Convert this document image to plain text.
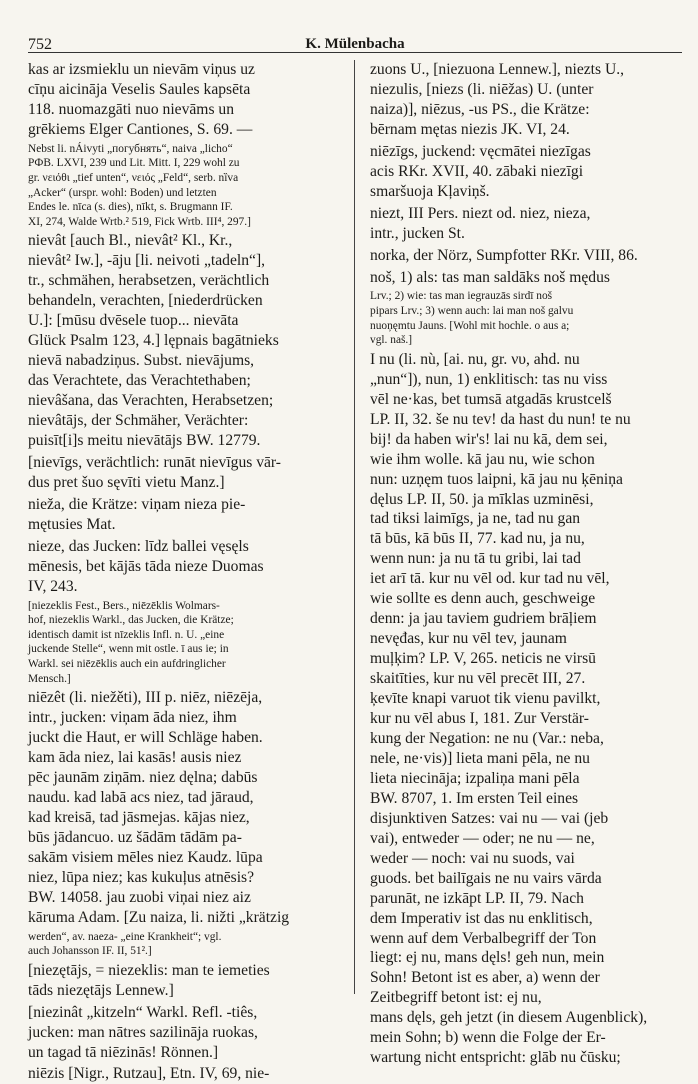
752	K. Mülenbacha

kas ar izsmieklu un nievām viņus uz
cīņu aicināja Veselis Saules kapsēta
118. nuomazgāti nuo nievāms un
grēkiems Elger Cantiones, S. 69. —

Nebst li. nÁivyti „погубнять“, naiva „licho“
PФВ. LXVI, 239 und Lit. Mitt. I, 229 wohl zu
gr. νειόθι „tief unten“, νειός „Feld“, serb. nȉva
„Acker“ (urspr. wohl: Boden) und letzten
Endes le. nīca (s. dies), nīkt, s. Brugmann IF.
XI, 274, Walde Wrtb.² 519, Fick Wrtb. III⁴, 297.]

nievât [auch Bl., nievât² Kl., Kr.,
nievât² Iw.], -āju [li. neivoti „tadeln“],
tr., schmähen, herabsetzen, verächtlich
behandeln, verachten, [niederdrücken
U.]: [mūsu dvēsele tuop... nievāta
Glück Psalm 123, 4.] lęрnais bagātnieks
nievā nabadziņus. Subst. nievājums,
das Verachtete, das Verachtethaben;
nievâšana, das Verachten, Herabsetzen;
nievâtājs, der Schmäher, Verächter:
puisīt[i]s meitu nievātājs BW. 12779.

[nievīgs, verächtlich: runāt nievīgus vār-
dus pret šuo sęvīti vietu Manz.]

nieža, die Krätze: viņam nieza pie-
mętusies Mat.

nieze, das Jucken: līdz ballei vęsęls
mēnesis, bet kājās tāda nieze Duomas
IV, 243.

[niezeklis Fest., Bers., niēzēklis Wolmars-
hof, niezeklis Warkl., das Jucken, die Krätze;
identisch damit ist nīzeklis Infl. n. U. „eine
juckende Stelle“, wenn mit ostle. ī aus ie; in
Warkl. sei niēzēklis auch ein aufdringlicher
Mensch.]

niēzêt (li. niežěti), III p. niēz, niēzēja,
intr., jucken: viņam āda niez, ihm
juckt die Haut, er will Schläge haben.
kam āda niez, lai kasās! ausis niez
pēc jaunām ziņām. niez dęlna; dabūs
naudu. kad labā acs niez, tad jāraud,
kad kreisā, tad jāsmejas. kājas niez,
būs jādancuo. uz šādām tādām pa-
sakām visiem mēles niez Kaudz. lūpa
niez, lūpa niez; kas kukuļus atnēsis?
BW. 14058. jau zuobi viņai niez aiz
kāruma Adam. [Zu naiza, li. nižti „krätzig

werden“, av. naeza- „eine Krankheit“; vgl.
auch Johansson IF. II, 51².]

[niezętājs, = niezeklis: man te iemeties
tāds niezętājs Lennew.]

[niezinât „kitzeln“ Warkl. Refl. -tiês,
jucken: man nātres sazilināja ruokas,
un tagad tā niēzinās! Rönnen.]

niēzis [Nigr., Rutzau], Etn. IV, 69, nie-

zuons U., [niezuona Lennew.], niezts U.,
niezulis, [niezs (li. niēžas) U. (unter
naiza)], niēzus, -us PS., die Krätze:
bērnam mętas niezis JK. VI, 24.

niēzīgs, juckend: vęcmātei niezīgas
acis RKr. XVII, 40. zābaki niezīgi
smaršuoja Kļaviņš.

niezt, III Pers. niezt od. niez, nieza,
intr., jucken St.

norka, der Nörz, Sumpfotter RKr. VIII, 86.

noš, 1) als: tas man saldāks noš mędus

Lrv.; 2) wie: tas man iegrauzās sirdī noš
pipars Lrv.; 3) wenn auch: lai man noš galvu
nuoņęmtu Jauns. [Wohl mit hochle. o aus a;
vgl. naš.]

I nu (li. nù, [ai. nu, gr. νυ, ahd. nu
„nun“]), nun, 1) enklitisch: tas nu viss
vēl ne·kas, bet tumsā atgadās krustcelš
LP. II, 32. še nu tev! da hast du nun! te nu
bij! da haben wir's! lai nu kā, dem sei,
wie ihm wolle. kā jau nu, wie schon
nun: uzņęm tuos laipni, kā jau nu ķēniņa
dęlus LP. II, 50. ja mīklas uzminēsi,
tad tiksi laimīgs, ja ne, tad nu gan
tā būs, kā būs II, 77. kad nu, ja nu,
wenn nun: ja nu tā tu gribi, lai tad
iet arī tā. kur nu vēl od. kur tad nu vēl,
wie sollte es denn auch, geschweige
denn: ja jau taviem gudriem brāļiem
nevęđas, kur nu vēl tev, jaunam
muļķim? LP. V, 265. neticis ne virsū
skaitīties, kur nu vēl precēt III, 27.
ķevīte knapi varuot tik vienu pavilkt,
kur nu vēl abus I, 181. Zur Verstär-
kung der Negation: ne nu (Var.: neba,
nele, ne·vis)] lieta mani pēla, ne nu
lieta niecināja; izpaliņa mani pēla
BW. 8707, 1. Im ersten Teil eines
disjunktiven Satzes: vai nu — vai (jeb
vai), entweder — oder; ne nu — ne,
weder — noch: vai nu suods, vai
guods. bet bailīgais ne nu vairs vārda
parunāt, ne izkāpt LP. II, 79. Nach
dem Imperativ ist das nu enklitisch,
wenn auf dem Verbalbegriff der Ton
liegt: ej nu, mans dęls! geh nun, mein
Sohn! Betont ist es aber, a) wenn der
Zeitbegriff betont ist: ej nu,
mans dęls, geh jetzt (in diesem Augenblick),
mein Sohn; b) wenn die Folge der Er-
wartung nicht entspricht: glāb nu čūsku;
